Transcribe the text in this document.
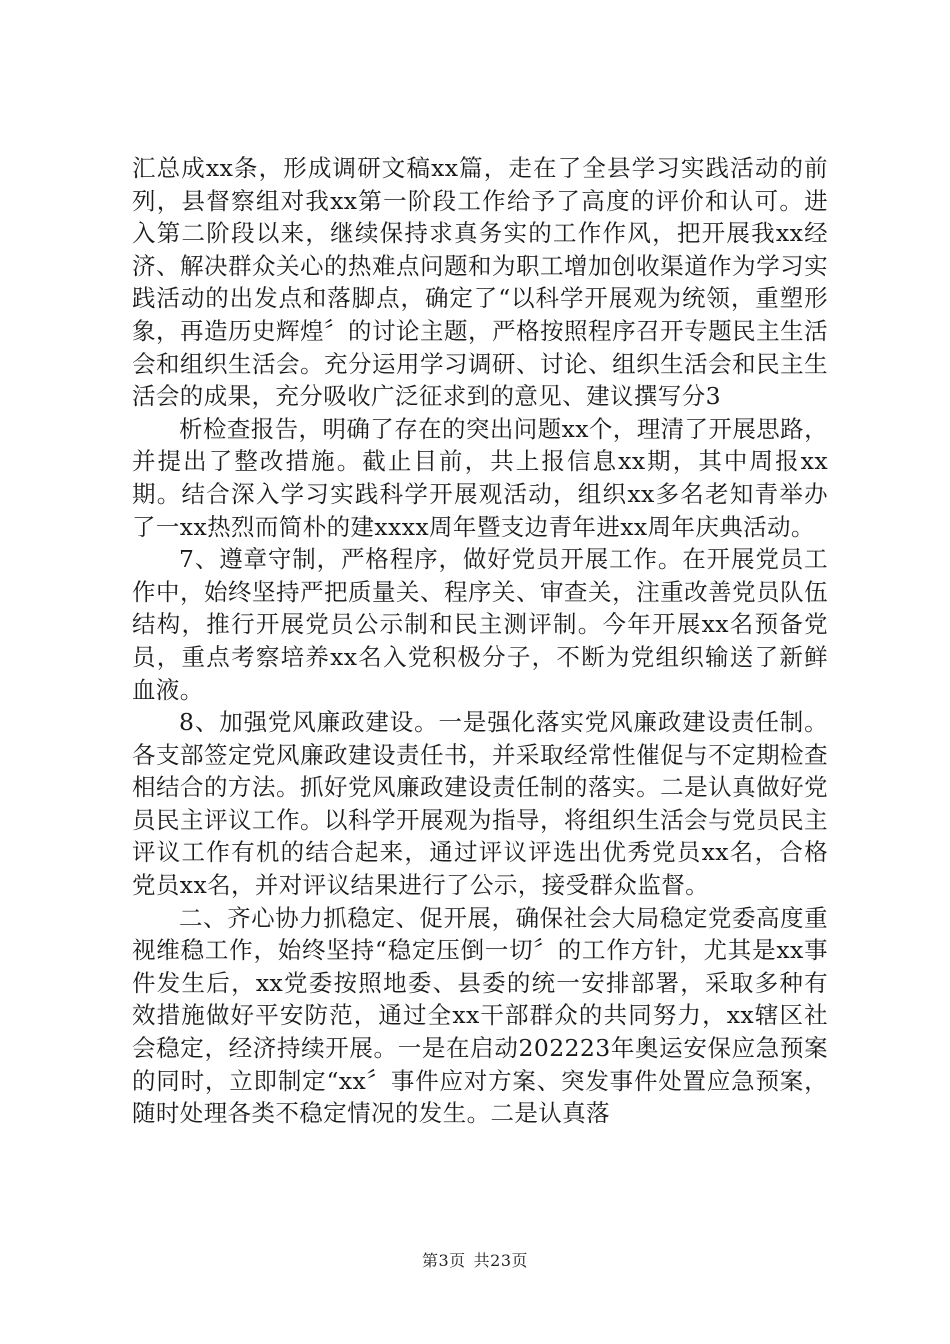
汇总成xx条，形成调研文稿xx篇，走在了全县学习实践活动的前列，县督察组对我xx第一阶段工作给予了高度的评价和认可。进入第二阶段以来，继续保持求真务实的工作作风，把开展我xx经济、解决群众关心的热难点问题和为职工增加创收渠道作为学习实践活动的出发点和落脚点，确定了“以科学开展观为统领，重塑形象，再造历史辉煌〞的讨论主题，严格按照程序召开专题民主生活会和组织生活会。充分运用学习调研、讨论、组织生活会和民主生活会的成果，充分吸收广泛征求到的意见、建议撰写分3

析检查报告，明确了存在的突出问题xx个，理清了开展思路，并提出了整改措施。截止目前，共上报信息xx期，其中周报xx期。结合深入学习实践科学开展观活动，组织xx多名老知青举办了一xx热烈而简朴的建xxxx周年暨支边青年进xx周年庆典活动。

7、遵章守制，严格程序，做好党员开展工作。在开展党员工作中，始终坚持严把质量关、程序关、审查关，注重改善党员队伍结构，推行开展党员公示制和民主测评制。今年开展xx名预备党员，重点考察培养xx名入党积极分子，不断为党组织输送了新鲜血液。

8、加强党风廉政建设。一是强化落实党风廉政建设责任制。各支部签定党风廉政建设责任书，并采取经常性催促与不定期检查相结合的方法。抓好党风廉政建设责任制的落实。二是认真做好党员民主评议工作。以科学开展观为指导，将组织生活会与党员民主评议工作有机的结合起来，通过评议评选出优秀党员xx名，合格党员xx名，并对评议结果进行了公示，接受群众监督。

二、齐心协力抓稳定、促开展，确保社会大局稳定党委高度重视维稳工作，始终坚持“稳定压倒一切〞的工作方针，尤其是xx事件发生后，xx党委按照地委、县委的统一安排部署，采取多种有效措施做好平安防范，通过全xx干部群众的共同努力，xx辖区社会稳定，经济持续开展。一是在启动202223年奥运安保应急预案的同时，立即制定“xx〞事件应对方案、突发事件处置应急预案，随时处理各类不稳定情况的发生。二是认真落

第3页 共23页
